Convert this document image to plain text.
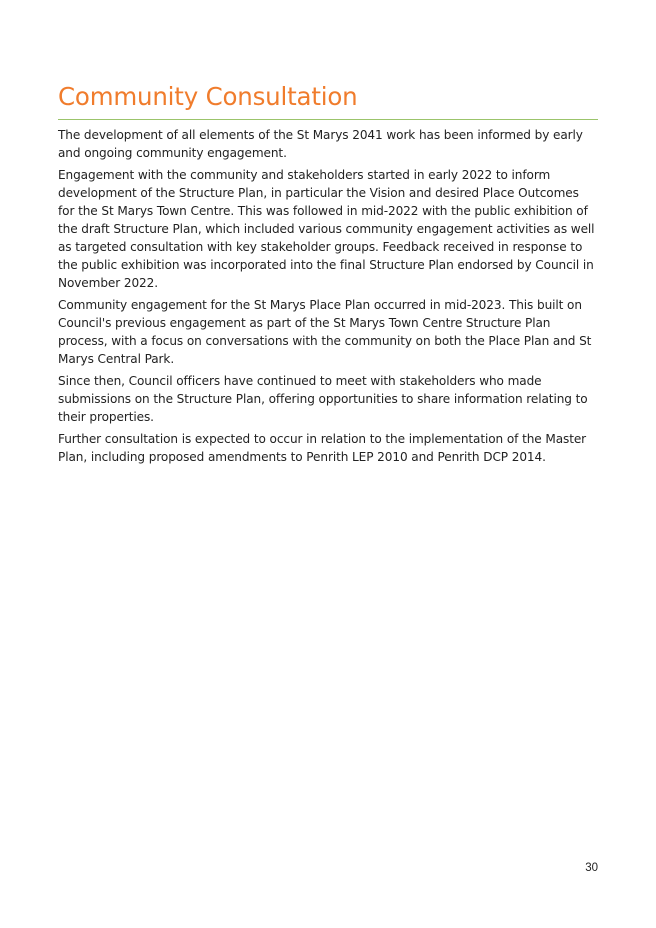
Community Consultation

The development of all elements of the St Marys 2041 work has been informed by early and ongoing community engagement.

Engagement with the community and stakeholders started in early 2022 to inform development of the Structure Plan, in particular the Vision and desired Place Outcomes for the St Marys Town Centre. This was followed in mid-2022 with the public exhibition of the draft Structure Plan, which included various community engagement activities as well as targeted consultation with key stakeholder groups. Feedback received in response to the public exhibition was incorporated into the final Structure Plan endorsed by Council in November 2022.

Community engagement for the St Marys Place Plan occurred in mid-2023. This built on Council's previous engagement as part of the St Marys Town Centre Structure Plan process, with a focus on conversations with the community on both the Place Plan and St Marys Central Park.

Since then, Council officers have continued to meet with stakeholders who made submissions on the Structure Plan, offering opportunities to share information relating to their properties.

Further consultation is expected to occur in relation to the implementation of the Master Plan, including proposed amendments to Penrith LEP 2010 and Penrith DCP 2014.

30
